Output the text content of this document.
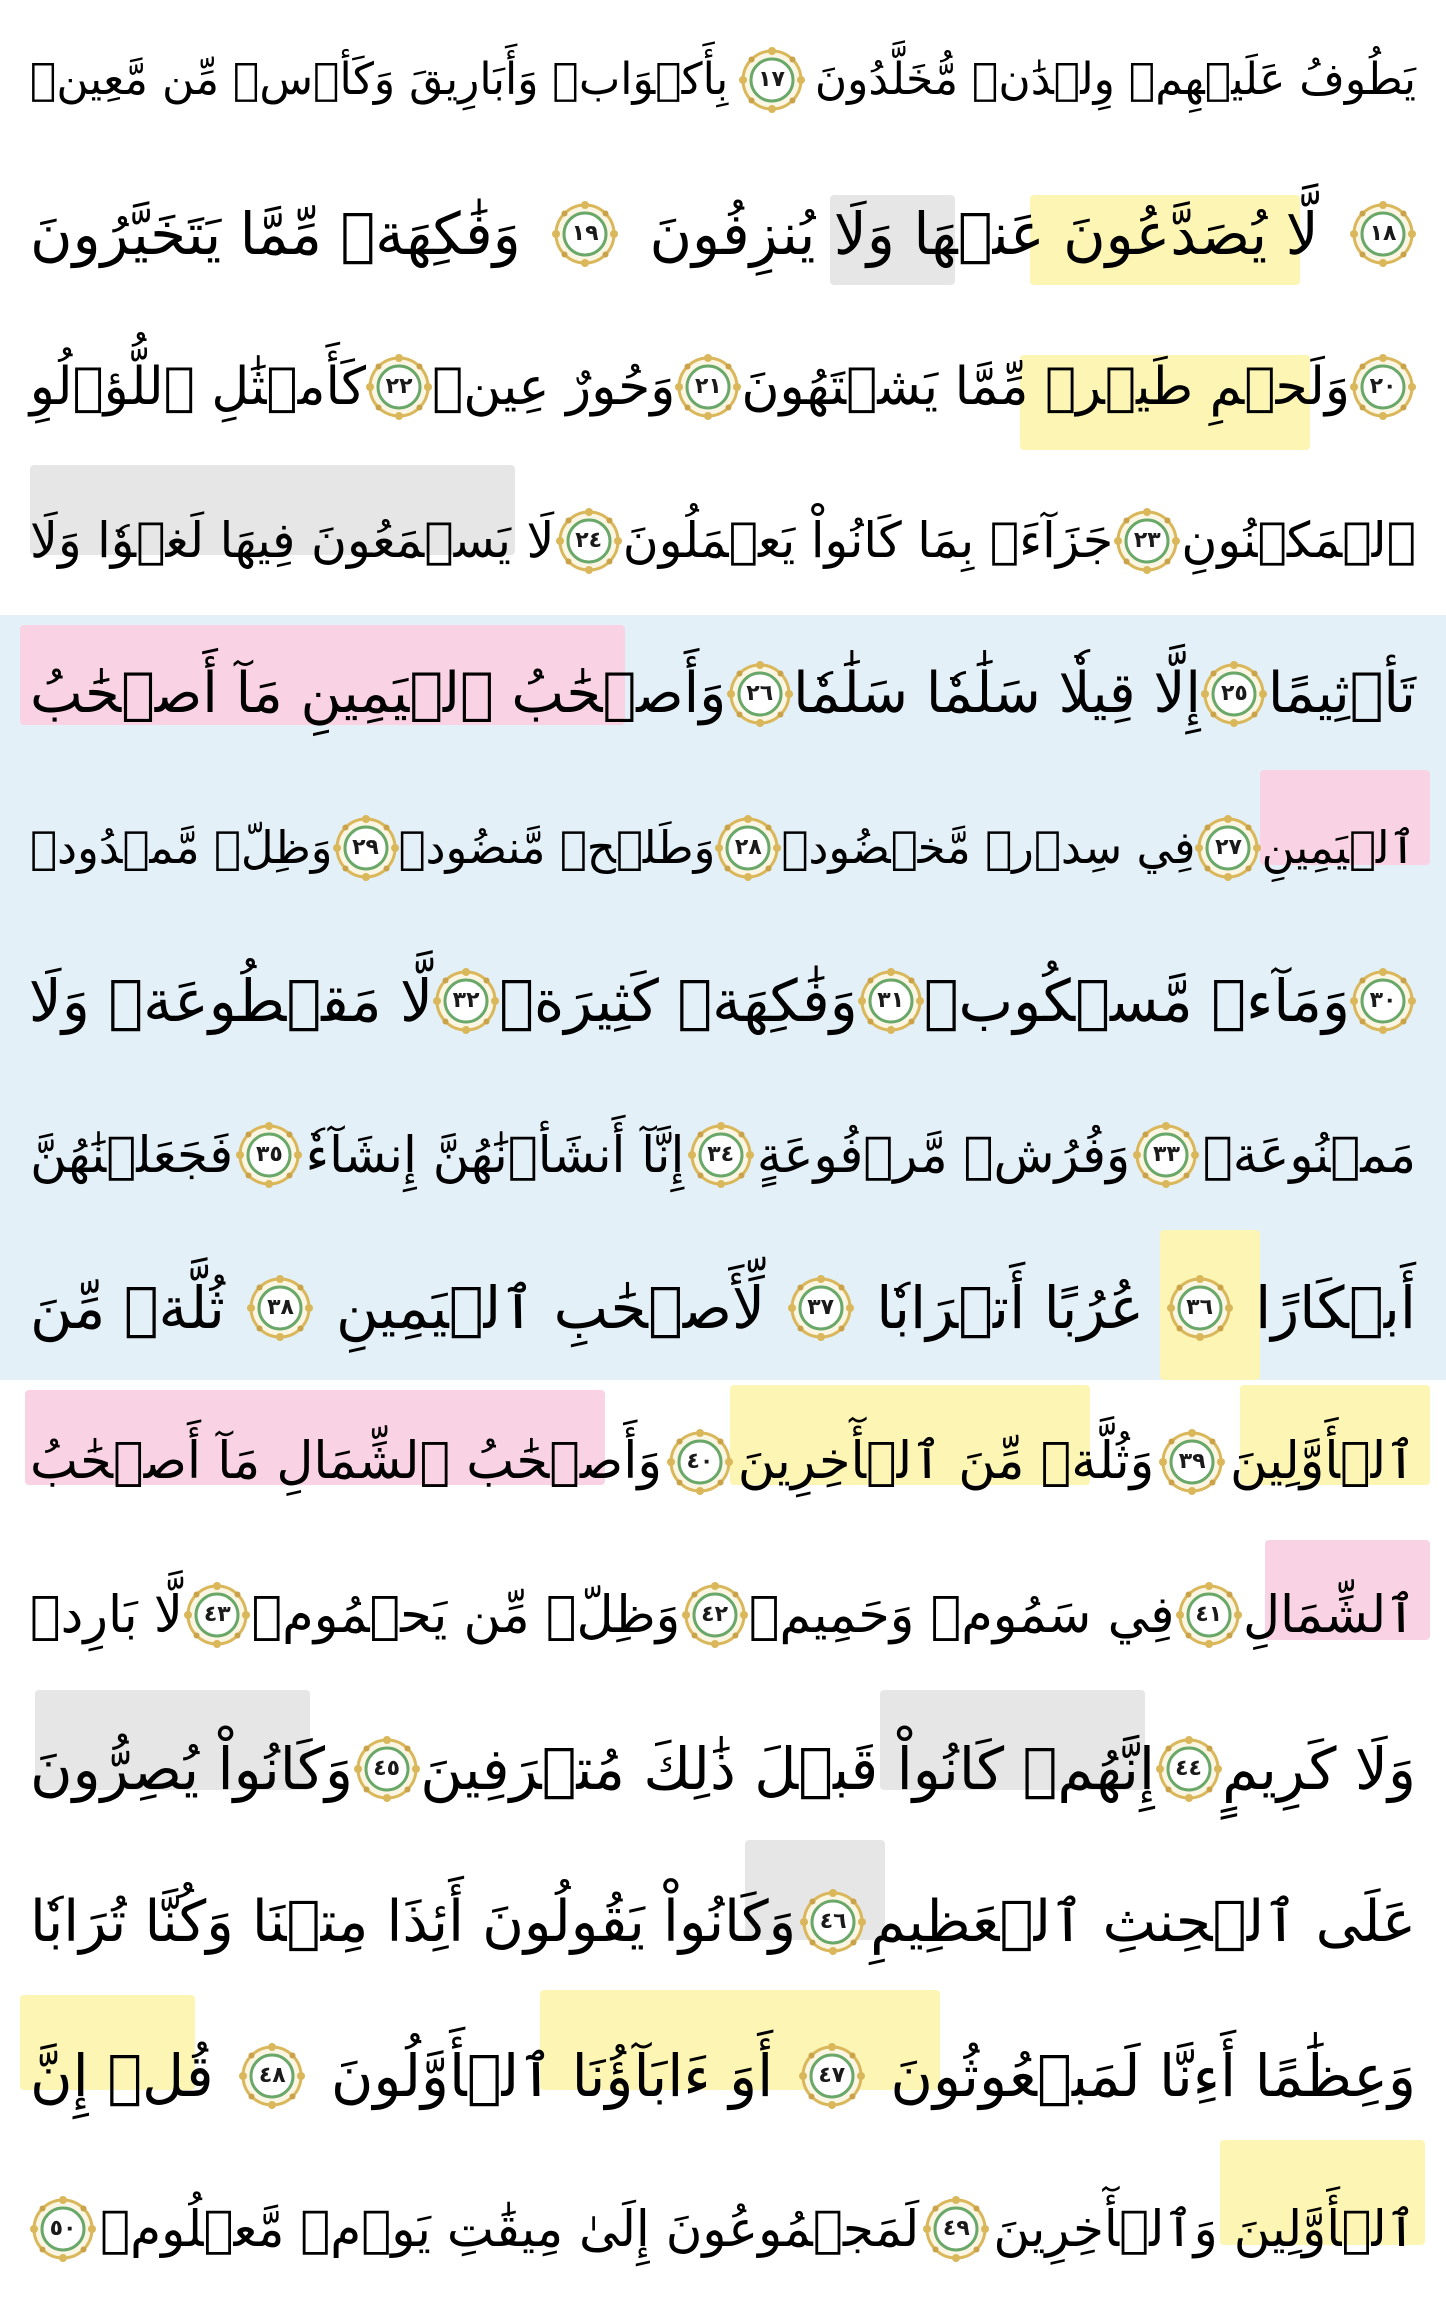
يَطُوفُ عَلَيۡهِمۡ وِلۡدَٰنٞ مُّخَلَّدُونَ
١٧
بِأَكۡوَابٖ وَأَبَارِيقَ وَكَأۡسٖ مِّن مَّعِينٖ
١٨
لَّا يُصَدَّعُونَ عَنۡهَا وَلَا يُنزِفُونَ
١٩
وَفَٰكِهَةٖ مِّمَّا يَتَخَيَّرُونَ
٢٠
وَلَحۡمِ طَيۡرٖ مِّمَّا يَشۡتَهُونَ
٢١
وَحُورٌ عِينٞ
٢٢
كَأَمۡثَٰلِ ٱللُّؤۡلُوِ
ٱلۡمَكۡنُونِ
٢٣
جَزَآءَۢ بِمَا كَانُواْ يَعۡمَلُونَ
٢٤
لَا يَسۡمَعُونَ فِيهَا لَغۡوٗا وَلَا
تَأۡثِيمًا
٢٥
إِلَّا قِيلٗا سَلَٰمٗا سَلَٰمٗا
٢٦
وَأَصۡحَٰبُ ٱلۡيَمِينِ مَآ أَصۡحَٰبُ
ٱلۡيَمِينِ
٢٧
فِي سِدۡرٖ مَّخۡضُودٖ
٢٨
وَطَلۡحٖ مَّنضُودٖ
٢٩
وَظِلّٖ مَّمۡدُودٖ
٣٠
وَمَآءٖ مَّسۡكُوبٖ
٣١
وَفَٰكِهَةٖ كَثِيرَةٖ
٣٢
لَّا مَقۡطُوعَةٖ وَلَا
مَمۡنُوعَةٖ
٣٣
وَفُرُشٖ مَّرۡفُوعَةٍ
٣٤
إِنَّآ أَنشَأۡنَٰهُنَّ إِنشَآءٗ
٣٥
فَجَعَلۡنَٰهُنَّ
أَبۡكَارًا
٣٦
عُرُبًا أَتۡرَابٗا
٣٧
لِّأَصۡحَٰبِ ٱلۡيَمِينِ
٣٨
ثُلَّةٞ مِّنَ
ٱلۡأَوَّلِينَ
٣٩
وَثُلَّةٞ مِّنَ ٱلۡأٓخِرِينَ
٤٠
وَأَصۡحَٰبُ ٱلشِّمَالِ مَآ أَصۡحَٰبُ
ٱلشِّمَالِ
٤١
فِي سَمُومٖ وَحَمِيمٖ
٤٢
وَظِلّٖ مِّن يَحۡمُومٖ
٤٣
لَّا بَارِدٖ
وَلَا كَرِيمٍ
٤٤
إِنَّهُمۡ كَانُواْ قَبۡلَ ذَٰلِكَ مُتۡرَفِينَ
٤٥
وَكَانُواْ يُصِرُّونَ
عَلَى ٱلۡحِنثِ ٱلۡعَظِيمِ
٤٦
وَكَانُواْ يَقُولُونَ أَئِذَا مِتۡنَا وَكُنَّا تُرَابٗا
وَعِظَٰمًا أَءِنَّا لَمَبۡعُوثُونَ
٤٧
أَوَ ءَابَآؤُنَا ٱلۡأَوَّلُونَ
٤٨
قُلۡ إِنَّ
ٱلۡأَوَّلِينَ وَٱلۡأٓخِرِينَ
٤٩
لَمَجۡمُوعُونَ إِلَىٰ مِيقَٰتِ يَوۡمٖ مَّعۡلُومٖ
٥٠
